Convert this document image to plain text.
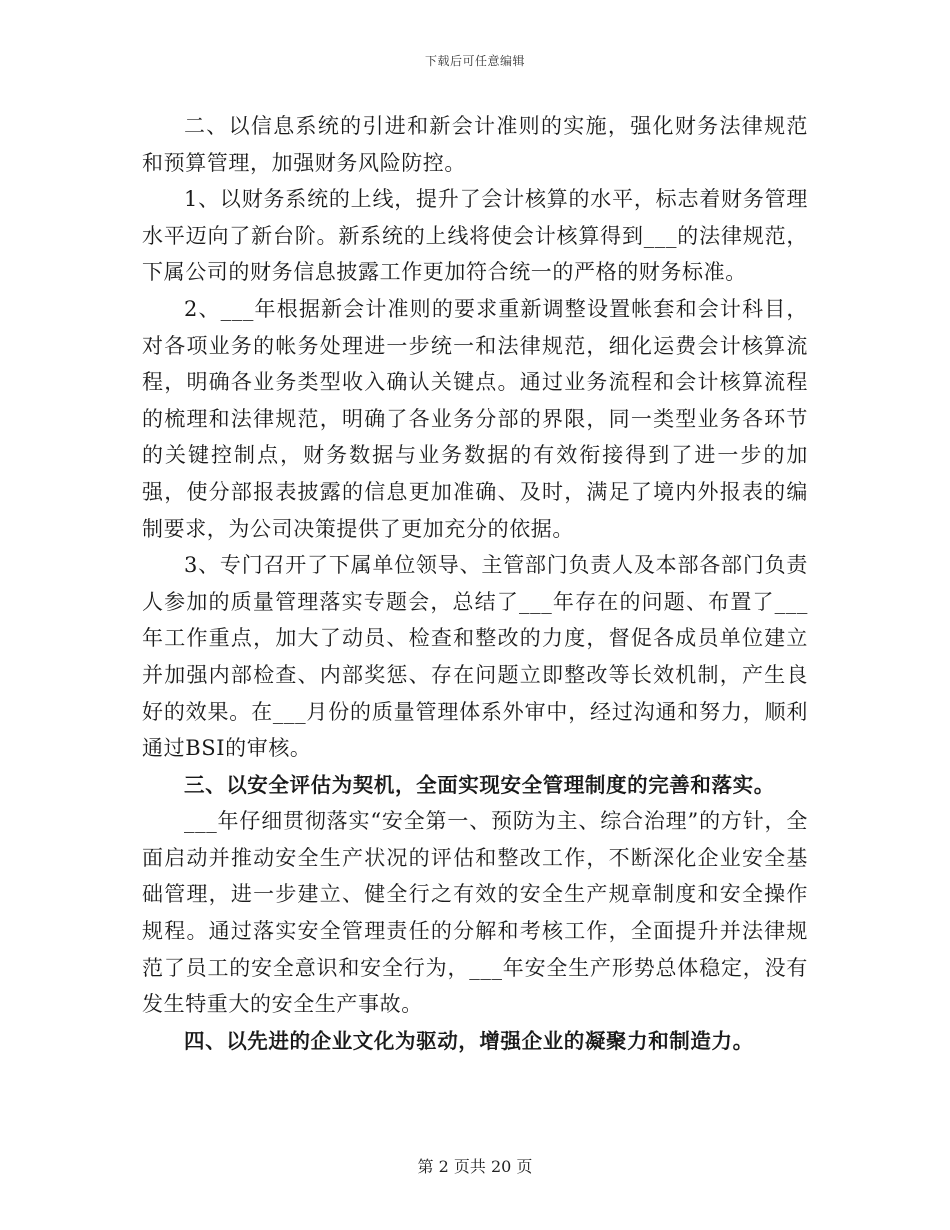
下载后可任意编辑

二、以信息系统的引进和新会计准则的实施，强化财务法律规范和预算管理，加强财务风险防控。

1、以财务系统的上线，提升了会计核算的水平，标志着财务管理水平迈向了新台阶。新系统的上线将使会计核算得到___的法律规范，下属公司的财务信息披露工作更加符合统一的严格的财务标准。

2、___年根据新会计准则的要求重新调整设置帐套和会计科目，对各项业务的帐务处理进一步统一和法律规范，细化运费会计核算流程，明确各业务类型收入确认关键点。通过业务流程和会计核算流程的梳理和法律规范，明确了各业务分部的界限，同一类型业务各环节的关键控制点，财务数据与业务数据的有效衔接得到了进一步的加强，使分部报表披露的信息更加准确、及时，满足了境内外报表的编制要求，为公司决策提供了更加充分的依据。

3、专门召开了下属单位领导、主管部门负责人及本部各部门负责人参加的质量管理落实专题会，总结了___年存在的问题、布置了___年工作重点，加大了动员、检查和整改的力度，督促各成员单位建立并加强内部检查、内部奖惩、存在问题立即整改等长效机制，产生良好的效果。在___月份的质量管理体系外审中，经过沟通和努力，顺利通过BSI的审核。

三、以安全评估为契机，全面实现安全管理制度的完善和落实。

___年仔细贯彻落实“安全第一、预防为主、综合治理”的方针，全面启动并推动安全生产状况的评估和整改工作，不断深化企业安全基础管理，进一步建立、健全行之有效的安全生产规章制度和安全操作规程。通过落实安全管理责任的分解和考核工作，全面提升并法律规范了员工的安全意识和安全行为，___年安全生产形势总体稳定，没有发生特重大的安全生产事故。

四、以先进的企业文化为驱动，增强企业的凝聚力和制造力。

第 2 页共 20 页
